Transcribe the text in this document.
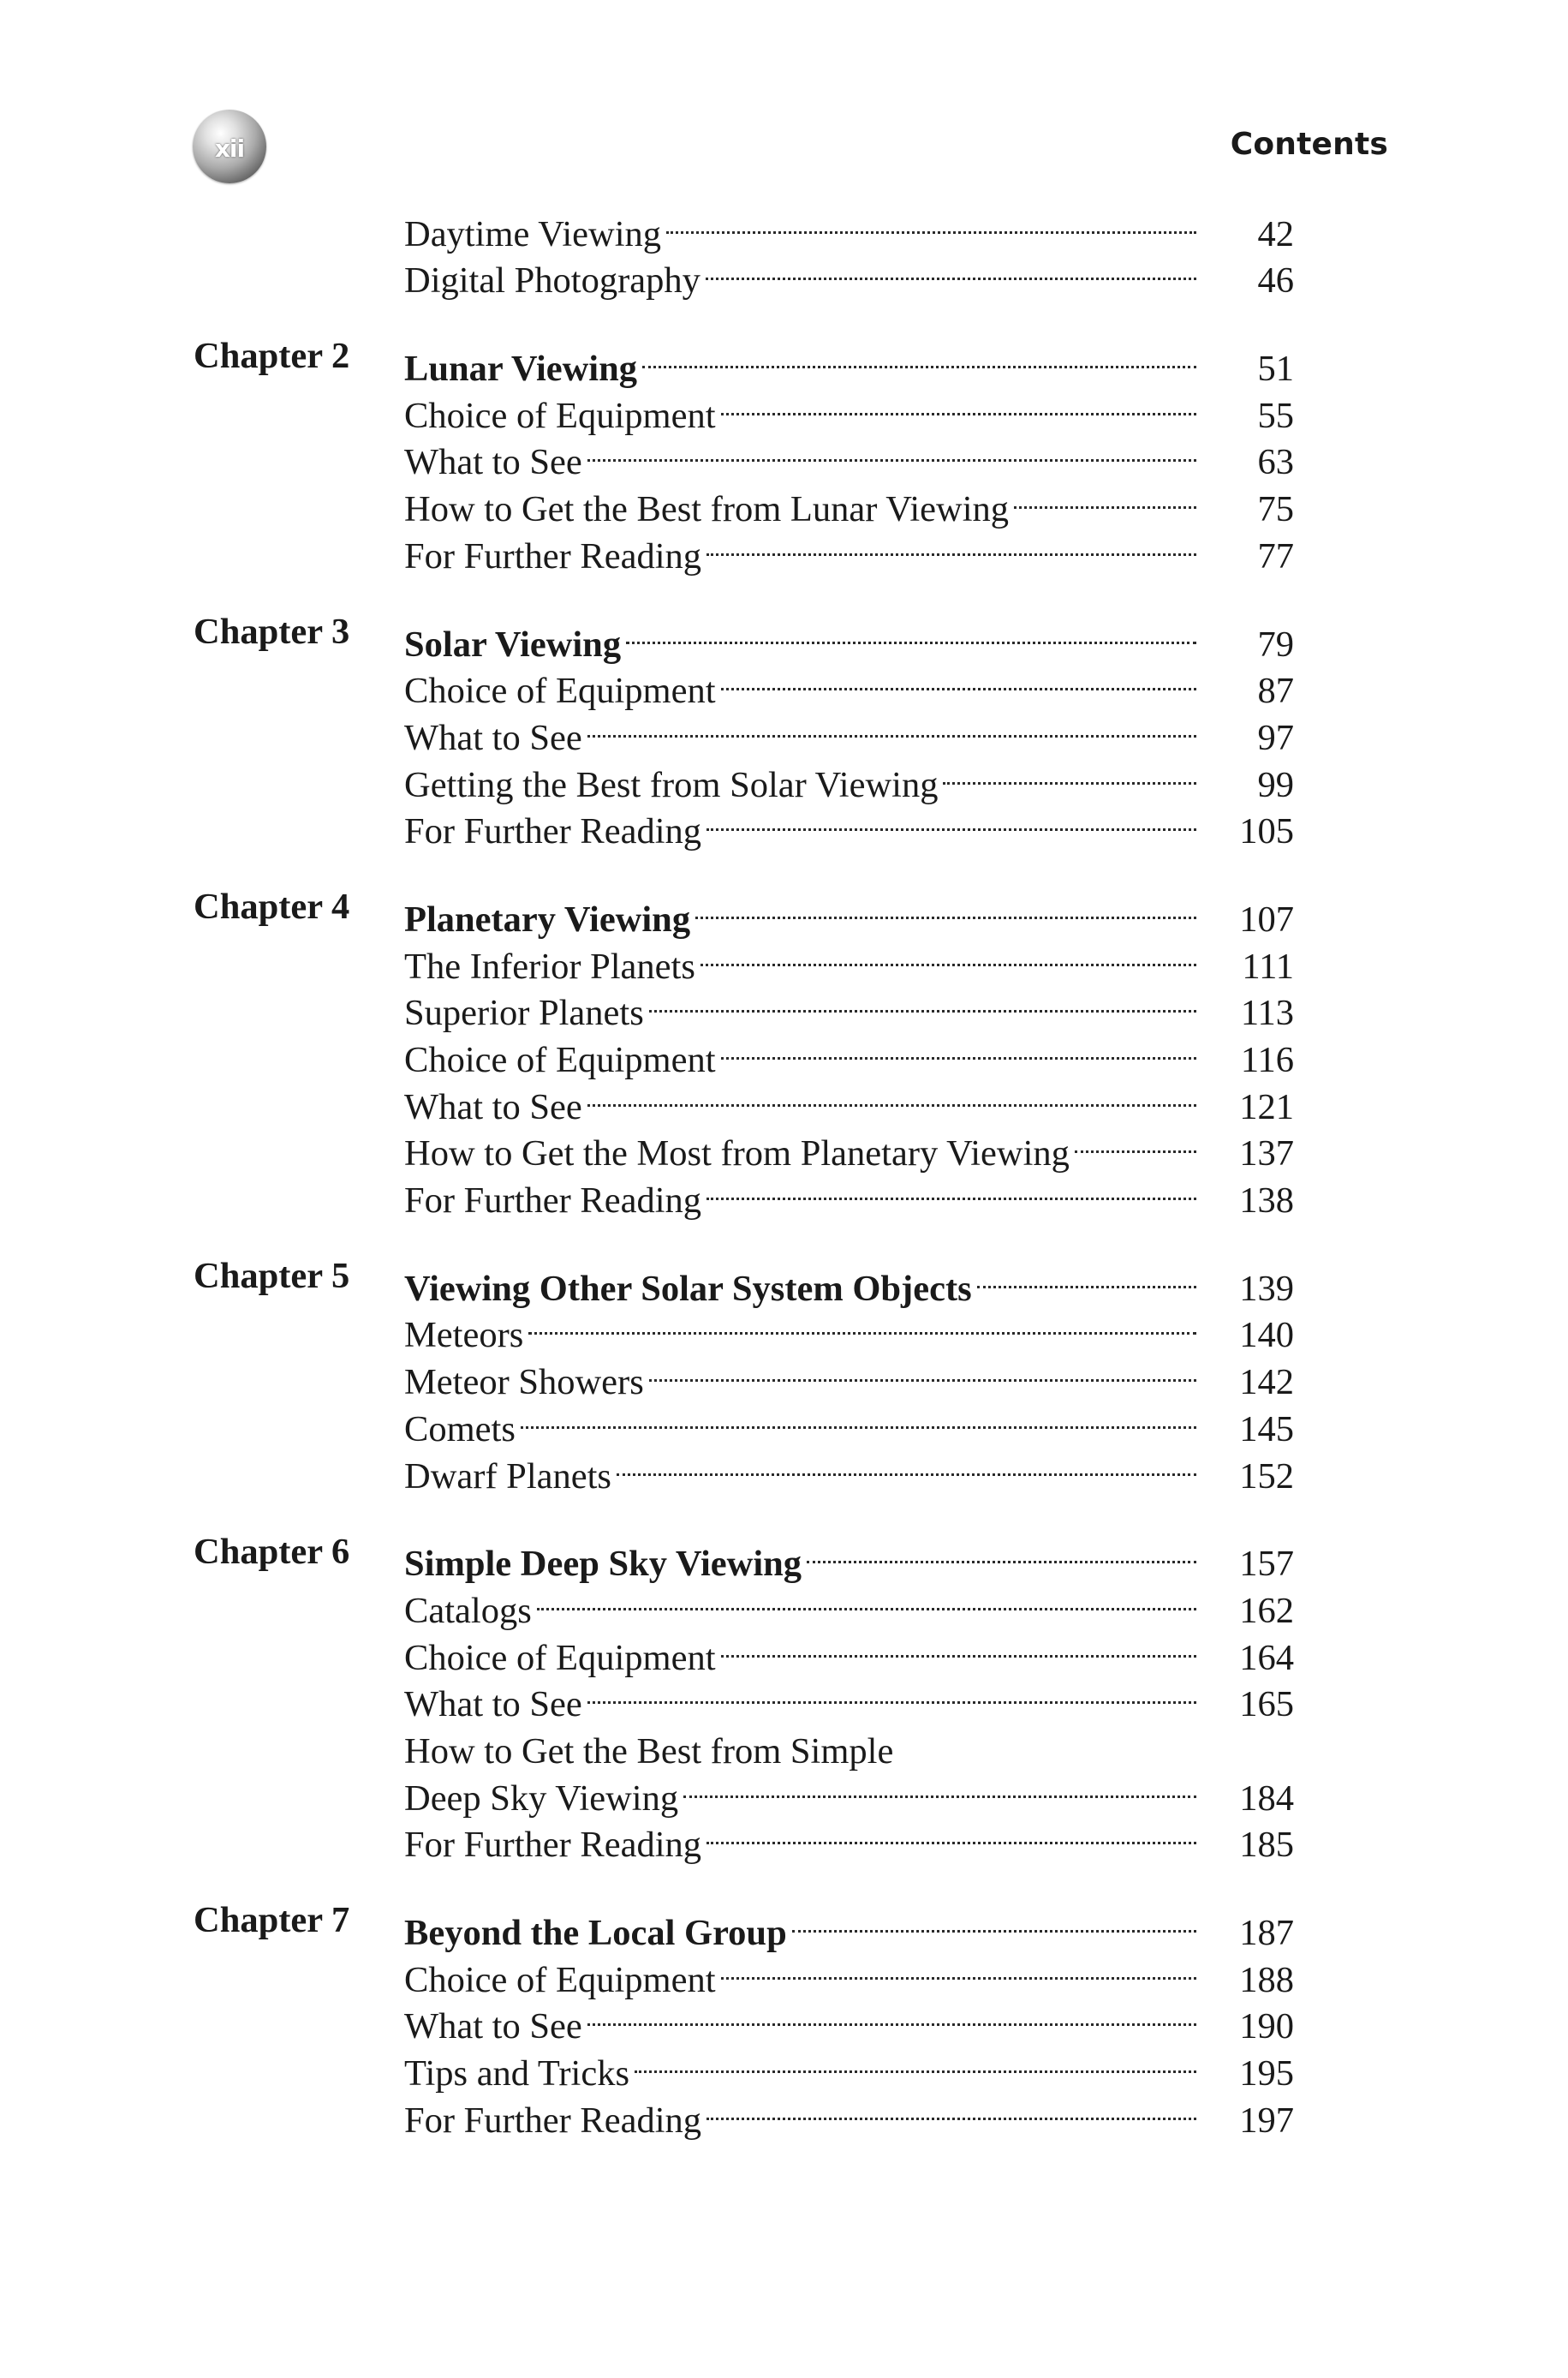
xii	Contents
Daytime Viewing	42
Digital Photography	46
Chapter 2 Lunar Viewing	51
Choice of Equipment	55
What to See	63
How to Get the Best from Lunar Viewing	75
For Further Reading	77
Chapter 3 Solar Viewing	79
Choice of Equipment	87
What to See	97
Getting the Best from Solar Viewing	99
For Further Reading	105
Chapter 4 Planetary Viewing	107
The Inferior Planets	111
Superior Planets	113
Choice of Equipment	116
What to See	121
How to Get the Most from Planetary Viewing	137
For Further Reading	138
Chapter 5 Viewing Other Solar System Objects	139
Meteors	140
Meteor Showers	142
Comets	145
Dwarf Planets	152
Chapter 6 Simple Deep Sky Viewing	157
Catalogs	162
Choice of Equipment	164
What to See	165
How to Get the Best from Simple
Deep Sky Viewing	184
For Further Reading	185
Chapter 7 Beyond the Local Group	187
Choice of Equipment	188
What to See	190
Tips and Tricks	195
For Further Reading	197
